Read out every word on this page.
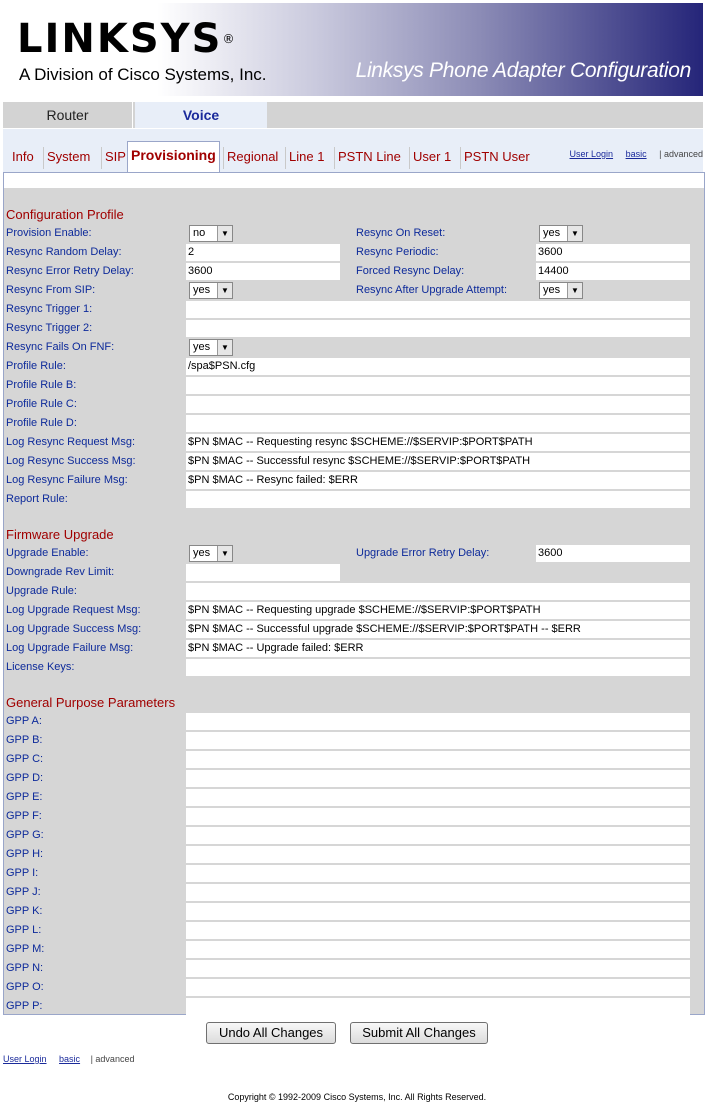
LINKSYS®
A Division of Cisco Systems, Inc.	Linksys Phone Adapter Configuration
Router	Voice
Info	System	SIP Provisioning Regional Line 1	PSTN Line User 1 PSTN User	User Login basic | advanced
Configuration Profile
Provision Enable:	no	▼	Resync On Reset:	yes	▼
Resync Random Delay:	2	Resync Periodic:	3600
Resync Error Retry Delay:	3600	Forced Resync Delay:	14400
Resync From SIP:	yes	▼	Resync After Upgrade Attempt:	yes	▼
Resync Trigger 1:
Resync Trigger 2:
Resync Fails On FNF:	yes	▼
Profile Rule:	/spa$PSN.cfg
Profile Rule B:
Profile Rule C:
Profile Rule D:
Log Resync Request Msg:	$PN $MAC -- Requesting resync $SCHEME://$SERVIP:$PORT$PATH
Log Resync Success Msg:	$PN $MAC -- Successful resync $SCHEME://$SERVIP:$PORT$PATH
Log Resync Failure Msg:	$PN $MAC -- Resync failed: $ERR
Report Rule:
Firmware Upgrade
Upgrade Enable:	yes	▼	Upgrade Error Retry Delay:	3600
Downgrade Rev Limit:
Upgrade Rule:
Log Upgrade Request Msg:	$PN $MAC -- Requesting upgrade $SCHEME://$SERVIP:$PORT$PATH
Log Upgrade Success Msg:	$PN $MAC -- Successful upgrade $SCHEME://$SERVIP:$PORT$PATH -- $ERR
Log Upgrade Failure Msg:	$PN $MAC -- Upgrade failed: $ERR
License Keys:
General Purpose Parameters
GPP A:
GPP B:
GPP C:
GPP D:
GPP E:
GPP F:
GPP G:
GPP H:
GPP I:
GPP J:
GPP K:
GPP L:
GPP M:
GPP N:
GPP O:
GPP P:
Undo All Changes	Submit All Changes
User Login basic | advanced
Copyright © 1992-2009 Cisco Systems, Inc. All Rights Reserved.
